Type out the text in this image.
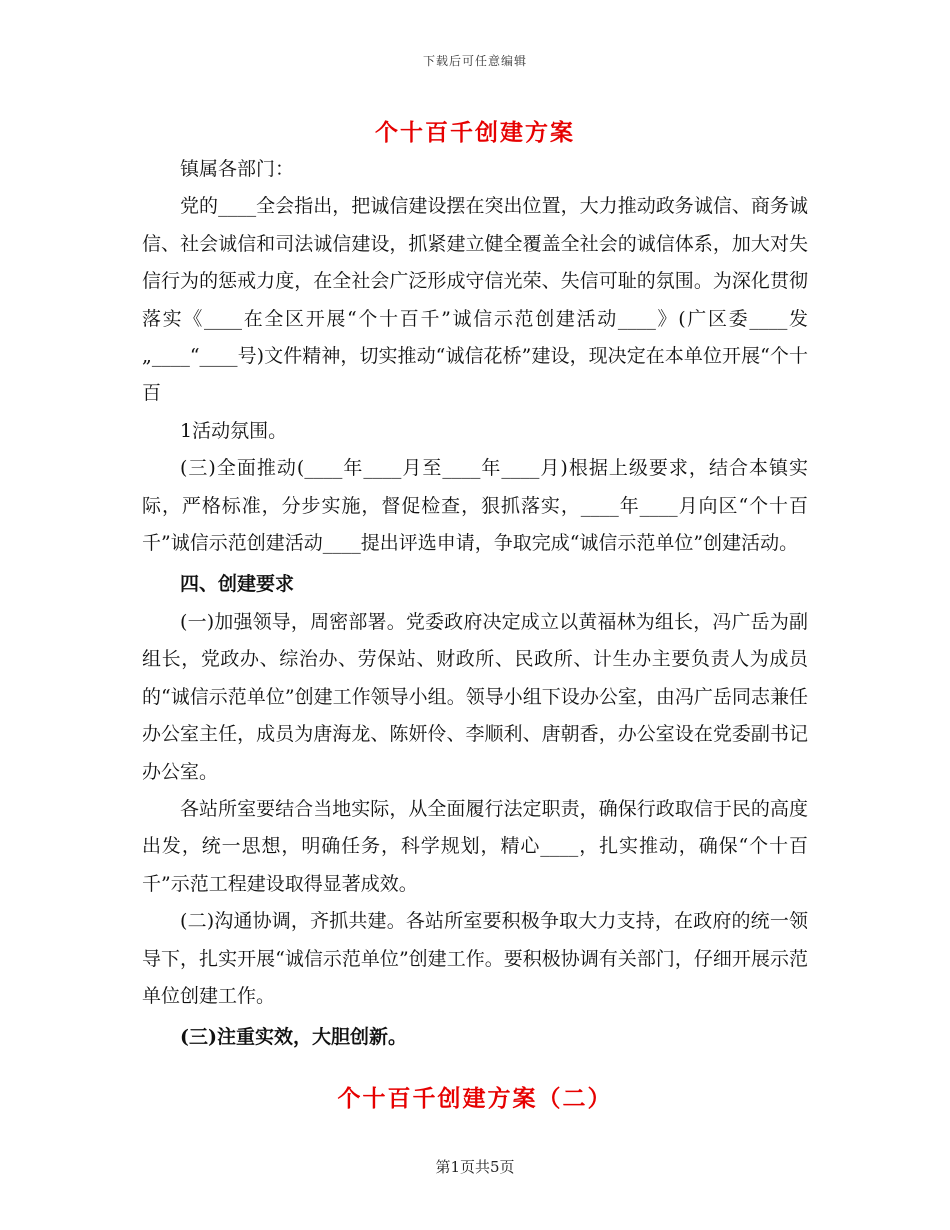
下载后可任意编辑
个十百千创建方案

镇属各部门：

党的____全会指出，把诚信建设摆在突出位置，大力推动政务诚信、商务诚信、社会诚信和司法诚信建设，抓紧建立健全覆盖全社会的诚信体系，加大对失信行为的惩戒力度，在全社会广泛形成守信光荣、失信可耻的氛围。为深化贯彻落实《____在全区开展“个十百千”诚信示范创建活动____》(广区委____发„____“____号)文件精神，切实推动“诚信花桥”建设，现决定在本单位开展“个十百

1活动氛围。

(三)全面推动(____年____月至____年____月)根据上级要求，结合本镇实际，严格标准，分步实施，督促检查，狠抓落实，____年____月向区“个十百千”诚信示范创建活动____提出评选申请，争取完成“诚信示范单位”创建活动。

四、创建要求

(一)加强领导，周密部署。党委政府决定成立以黄福林为组长，冯广岳为副组长，党政办、综治办、劳保站、财政所、民政所、计生办主要负责人为成员的“诚信示范单位”创建工作领导小组。领导小组下设办公室，由冯广岳同志兼任办公室主任，成员为唐海龙、陈妍伶、李顺利、唐朝香，办公室设在党委副书记办公室。

各站所室要结合当地实际，从全面履行法定职责，确保行政取信于民的高度出发，统一思想，明确任务，科学规划，精心____，扎实推动，确保“个十百千”示范工程建设取得显著成效。

(二)沟通协调，齐抓共建。各站所室要积极争取大力支持，在政府的统一领导下，扎实开展“诚信示范单位”创建工作。要积极协调有关部门，仔细开展示范单位创建工作。

(三)注重实效，大胆创新。

个十百千创建方案（二）
第1页共5页
